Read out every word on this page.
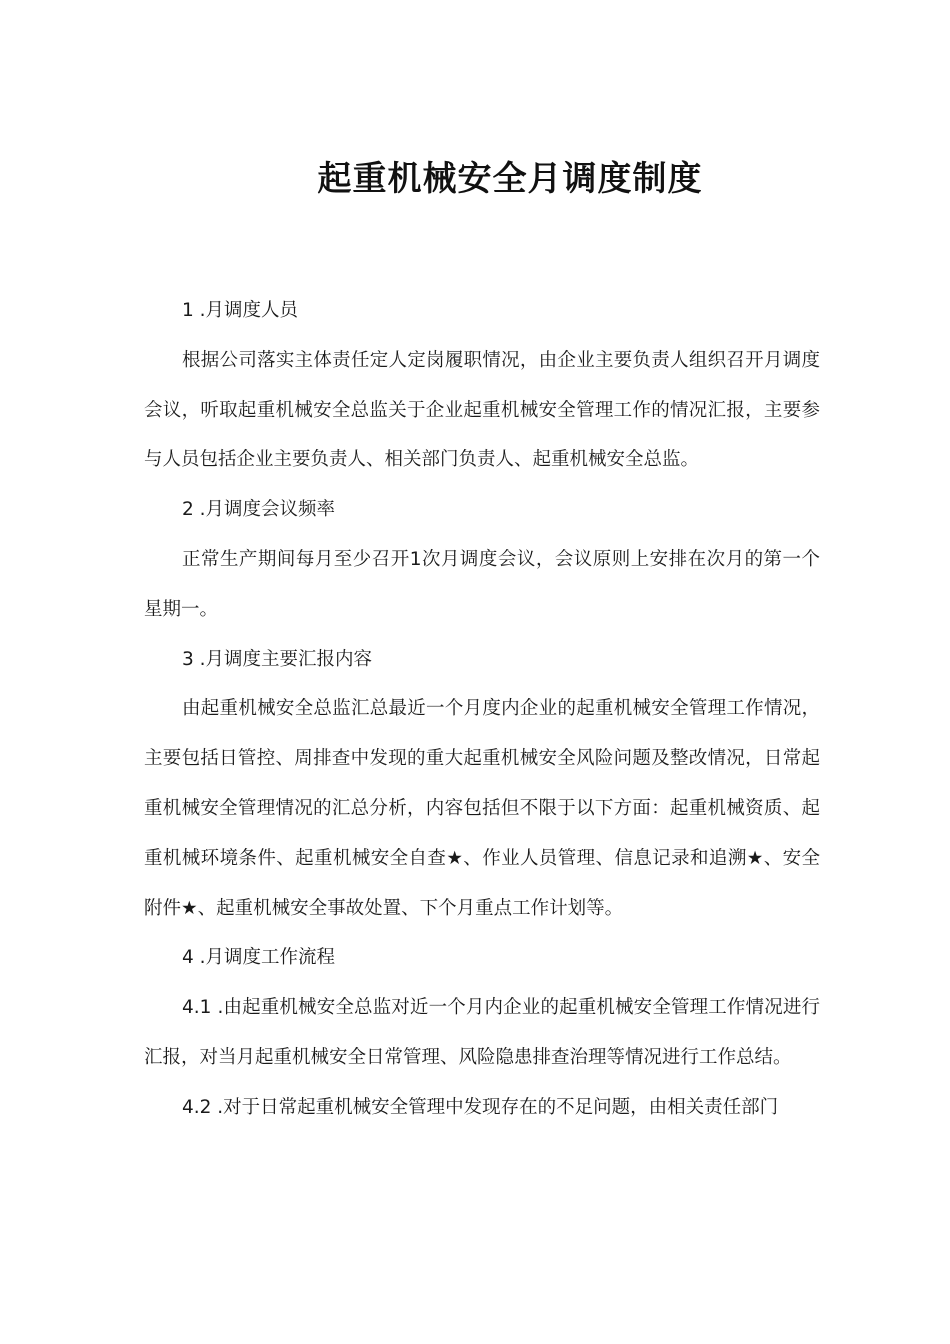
起重机械安全月调度制度

1 .月调度人员

根据公司落实主体责任定人定岗履职情况，由企业主要负责人组织召开月调度会议，听取起重机械安全总监关于企业起重机械安全管理工作的情况汇报，主要参与人员包括企业主要负责人、相关部门负责人、起重机械安全总监。

2 .月调度会议频率

正常生产期间每月至少召开1次月调度会议，会议原则上安排在次月的第一个星期一。

3 .月调度主要汇报内容

由起重机械安全总监汇总最近一个月度内企业的起重机械安全管理工作情况，主要包括日管控、周排查中发现的重大起重机械安全风险问题及整改情况，日常起重机械安全管理情况的汇总分析，内容包括但不限于以下方面：起重机械资质、起重机械环境条件、起重机械安全自查★、作业人员管理、信息记录和追溯★、安全附件★、起重机械安全事故处置、下个月重点工作计划等。

4 .月调度工作流程

4.1 .由起重机械安全总监对近一个月内企业的起重机械安全管理工作情况进行汇报，对当月起重机械安全日常管理、风险隐患排查治理等情况进行工作总结。

4.2 .对于日常起重机械安全管理中发现存在的不足问题，由相关责任部门
